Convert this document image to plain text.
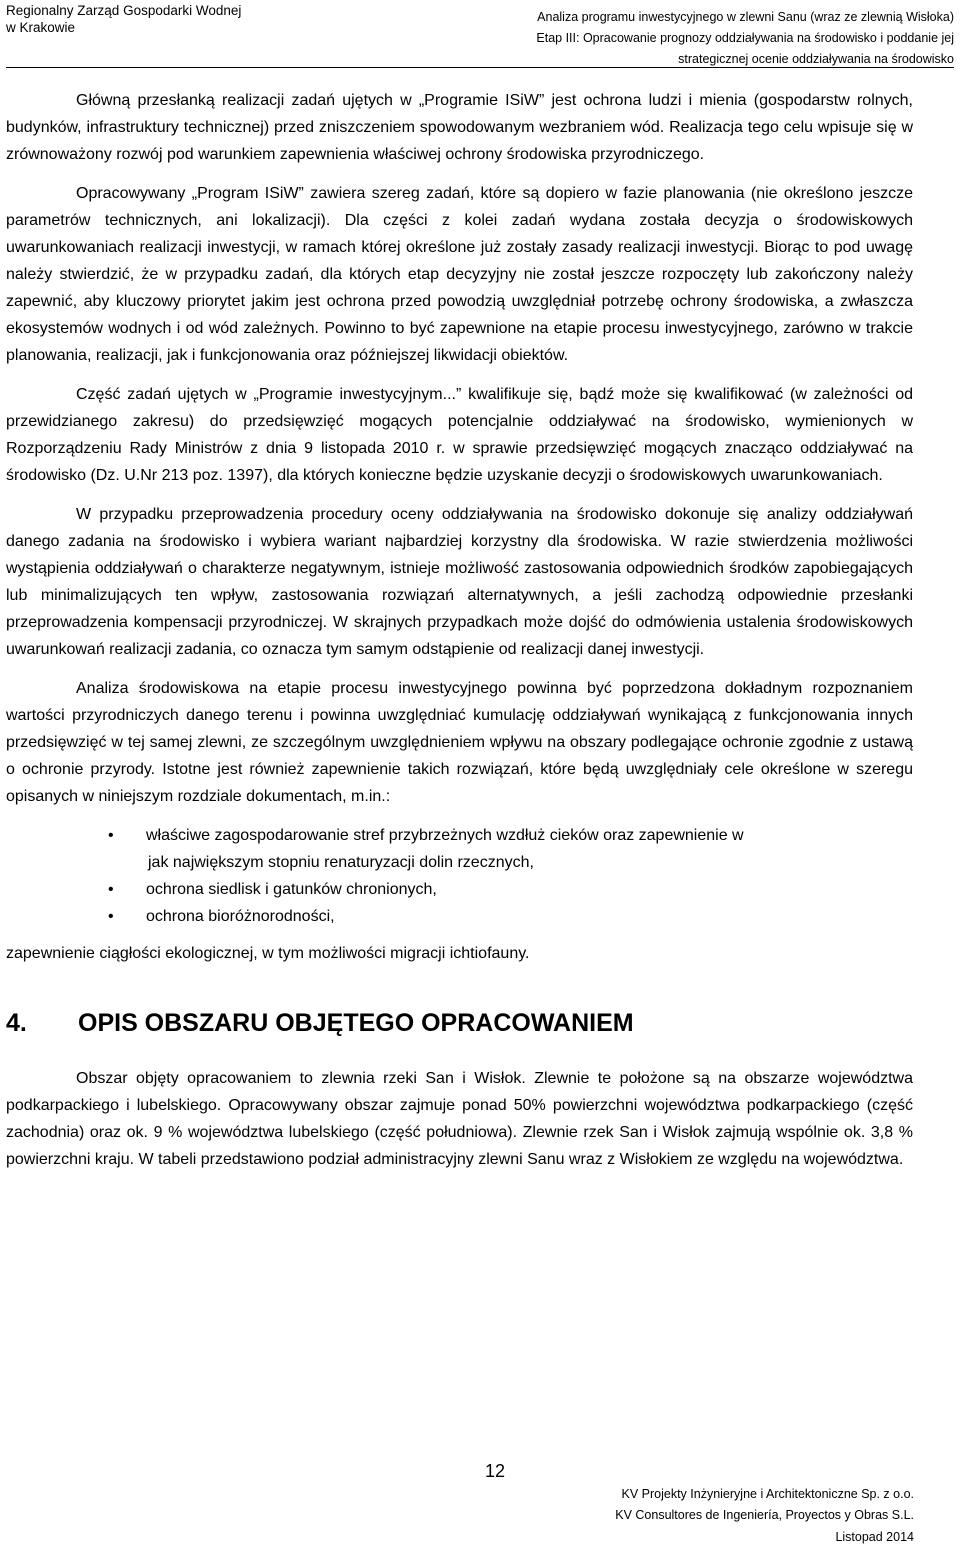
Regionalny Zarząd Gospodarki Wodnej
w Krakowie
Analiza programu inwestycyjnego w zlewni Sanu (wraz ze zlewnią Wisłoka)
Etap III: Opracowanie prognozy oddziaływania na środowisko i poddanie jej
strategicznej ocenie oddziaływania na środowisko

Główną przesłanką realizacji zadań ujętych w „Programie ISiW” jest ochrona ludzi i mienia (gospodarstw rolnych, budynków, infrastruktury technicznej) przed zniszczeniem spowodowanym wezbraniem wód. Realizacja tego celu wpisuje się w zrównoważony rozwój pod warunkiem zapewnienia właściwej ochrony środowiska przyrodniczego.

Opracowywany „Program ISiW” zawiera szereg zadań, które są dopiero w fazie planowania (nie określono jeszcze parametrów technicznych, ani lokalizacji). Dla części z kolei zadań wydana została decyzja o środowiskowych uwarunkowaniach realizacji inwestycji, w ramach której określone już zostały zasady realizacji inwestycji. Biorąc to pod uwagę należy stwierdzić, że w przypadku zadań, dla których etap decyzyjny nie został jeszcze rozpoczęty lub zakończony należy zapewnić, aby kluczowy priorytet jakim jest ochrona przed powodzią uwzględniał potrzebę ochrony środowiska, a zwłaszcza ekosystemów wodnych i od wód zależnych. Powinno to być zapewnione na etapie procesu inwestycyjnego, zarówno w trakcie planowania, realizacji, jak i funkcjonowania oraz późniejszej likwidacji obiektów.

Część zadań ujętych w „Programie inwestycyjnym...” kwalifikuje się, bądź może się kwalifikować (w zależności od przewidzianego zakresu) do przedsięwzięć mogących potencjalnie oddziaływać na środowisko, wymienionych w Rozporządzeniu Rady Ministrów z dnia 9 listopada 2010 r. w sprawie przedsięwzięć mogących znacząco oddziaływać na środowisko (Dz. U.Nr 213 poz. 1397), dla których konieczne będzie uzyskanie decyzji o środowiskowych uwarunkowaniach.

W przypadku przeprowadzenia procedury oceny oddziaływania na środowisko dokonuje się analizy oddziaływań danego zadania na środowisko i wybiera wariant najbardziej korzystny dla środowiska. W razie stwierdzenia możliwości wystąpienia oddziaływań o charakterze negatywnym, istnieje możliwość zastosowania odpowiednich środków zapobiegających lub minimalizujących ten wpływ, zastosowania rozwiązań alternatywnych, a jeśli zachodzą odpowiednie przesłanki przeprowadzenia kompensacji przyrodniczej. W skrajnych przypadkach może dojść do odmówienia ustalenia środowiskowych uwarunkowań realizacji zadania, co oznacza tym samym odstąpienie od realizacji danej inwestycji.

Analiza środowiskowa na etapie procesu inwestycyjnego powinna być poprzedzona dokładnym rozpoznaniem wartości przyrodniczych danego terenu i powinna uwzględniać kumulację oddziaływań wynikającą z funkcjonowania innych przedsięwzięć w tej samej zlewni, ze szczególnym uwzględnieniem wpływu na obszary podlegające ochronie zgodnie z ustawą o ochronie przyrody. Istotne jest również zapewnienie takich rozwiązań, które będą uwzględniały cele określone w szeregu opisanych w niniejszym rozdziale dokumentach, m.in.:

• właściwe zagospodarowanie stref przybrzeżnych wzdłuż cieków oraz zapewnienie w
jak największym stopniu renaturyzacji dolin rzecznych,
• ochrona siedlisk i gatunków chronionych,
• ochrona bioróżnorodności,

zapewnienie ciągłości ekologicznej, w tym możliwości migracji ichtiofauny.

4. OPIS OBSZARU OBJĘTEGO OPRACOWANIEM

Obszar objęty opracowaniem to zlewnia rzeki San i Wisłok. Zlewnie te położone są na obszarze województwa podkarpackiego i lubelskiego. Opracowywany obszar zajmuje ponad 50% powierzchni województwa podkarpackiego (część zachodnia) oraz ok. 9 % województwa lubelskiego (część południowa). Zlewnie rzek San i Wisłok zajmują wspólnie ok. 3,8 % powierzchni kraju. W tabeli przedstawiono podział administracyjny zlewni Sanu wraz z Wisłokiem ze względu na województwa.

12
KV Projekty Inżynieryjne i Architektoniczne Sp. z o.o.
KV Consultores de Ingeniería, Proyectos y Obras S.L.
Listopad 2014
